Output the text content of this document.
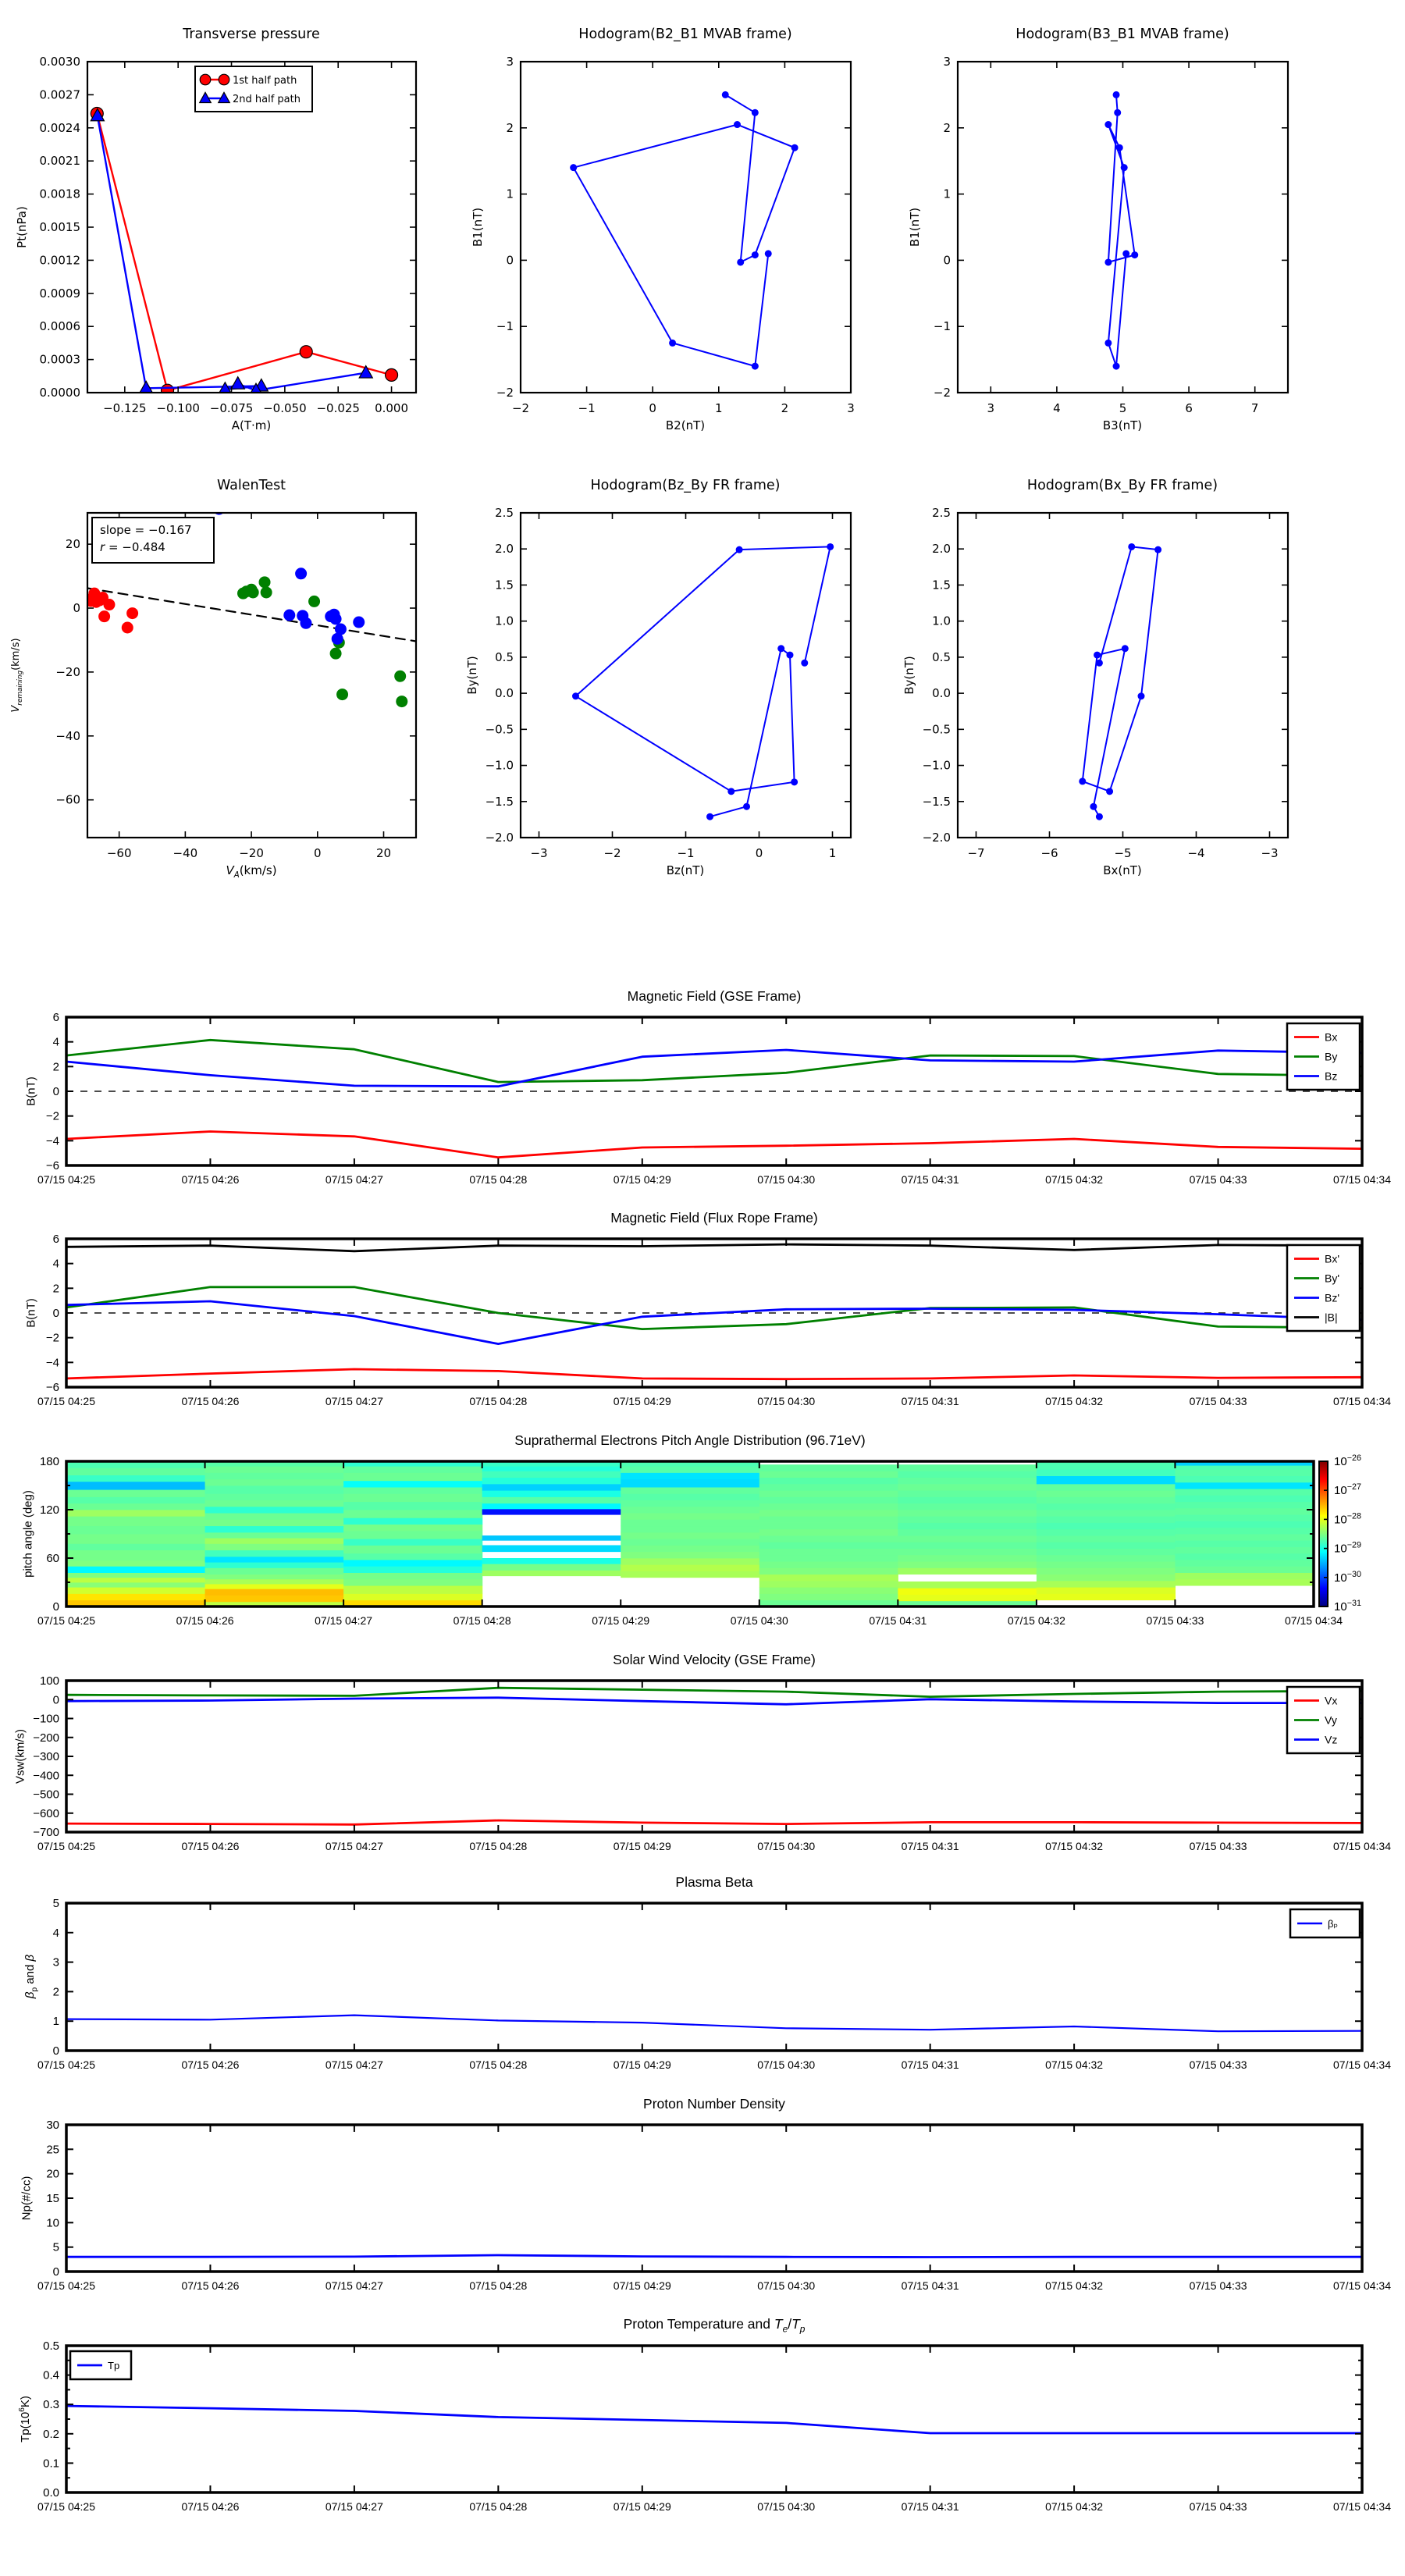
−0.125 −0.100 −0.075 −0.050 −0.025 0.000
0.0000
0.0003
0.0006
0.0009
0.0012
0.0015
0.0018
0.0021
0.0024
0.0027
0.0030
1st half path
2nd half path
−2	−1	0	1	2	3
−2
−1
0
1
2
3
3	4	5	6	7
−2
−1
0
1
2
3
−60	−40	−20	0	20
−60
−40
−20
0
20
slope = −0.167
r = −0.484
−3	−2	−1	0	1
−2.0
−1.5
−1.0
−0.5
0.0
0.5
1.0
1.5
2.0
2.5
−7	−6	−5	−4	−3
−2.0
−1.5
−1.0
−0.5
0.0
0.5
1.0
1.5
2.0
2.5
07/15 04:25	07/15 04:26	07/15 04:27	07/15 04:28	07/15 04:29	07/15 04:30	07/15 04:31	07/15 04:32	07/15 04:33	07/15 04:34
−6
−4
−2
0
2
4
6
Bx
By
Bz
07/15 04:25	07/15 04:26	07/15 04:27	07/15 04:28	07/15 04:29	07/15 04:30	07/15 04:31	07/15 04:32	07/15 04:33	07/15 04:34
−6
−4
−2
0
2
4
6
Bx'
By'
Bz'
|B|
07/15 04:25	07/15 04:26	07/15 04:27	07/15 04:28	07/15 04:29	07/15 04:30	07/15 04:31	07/15 04:32	07/15 04:33	07/15 04:34
0
60
120
180	$10^{-26}$
$10^{-27}$
$10^{-28}$
$10^{-29}$
$10^{-30}$
$10^{-31}$
07/15 04:25	07/15 04:26	07/15 04:27	07/15 04:28	07/15 04:29	07/15 04:30	07/15 04:31	07/15 04:32	07/15 04:33	07/15 04:34
−700
−600
−500
−400
−300
−200
−100
0
100
Vx
Vy
Vz
07/15 04:25	07/15 04:26	07/15 04:27	07/15 04:28	07/15 04:29	07/15 04:30	07/15 04:31	07/15 04:32	07/15 04:33	07/15 04:34
0
1
2
3
4
5
βₚ
07/15 04:25	07/15 04:26	07/15 04:27	07/15 04:28	07/15 04:29	07/15 04:30	07/15 04:31	07/15 04:32	07/15 04:33	07/15 04:34
0
5
10
15
20
25
30
07/15 04:25	07/15 04:26	07/15 04:27	07/15 04:28	07/15 04:29	07/15 04:30	07/15 04:31	07/15 04:32	07/15 04:33	07/15 04:34
0.0
0.1
0.2
0.3
0.4
0.5
Tp
Transverse pressure	Hodogram(B2_B1 MVAB frame)	Hodogram(B3_B1 MVAB frame)
WalenTest	Hodogram(Bz_By FR frame)	Hodogram(Bx_By FR frame)
Magnetic Field (GSE Frame)
Magnetic Field (Flux Rope Frame)
Suprathermal Electrons Pitch Angle Distribution (96.71eV)
Solar Wind Velocity (GSE Frame)
Plasma Beta
Proton Number Density
Proton Temperature and $T_e/T_p$
A(T·m)	B2(nT)	B3(nT)
$V_A(km/s)$	Bz(nT)	Bx(nT)
Pt(nPa)	B1(nT)	B1(nT)
$V_{remaining}(km/s)$
By(nT)	By(nT)
B(nT)
B(nT)
pitch angle (deg)
Vsw(km/s)
$\beta_p$ and β
Np(#/cc)
$Tp(10^6K)$
